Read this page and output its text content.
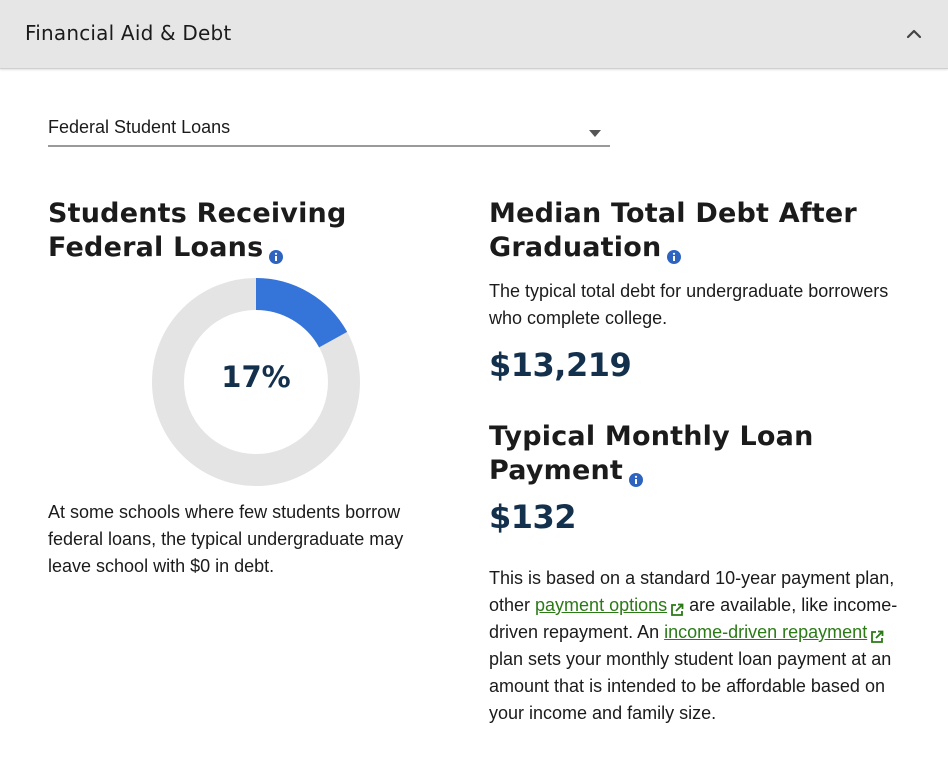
Financial Aid & Debt
Federal Student Loans
Students Receiving Federal Loans
17%
At some schools where few students borrow federal loans, the typical undergraduate may leave school with $0 in debt.
Median Total Debt After Graduation
The typical total debt for undergraduate borrowers who complete college.
$13,219
Typical Monthly Loan Payment
$132
This is based on a standard 10-year payment plan, other payment options are available, like income-driven repayment. An income-driven repayment plan sets your monthly student loan payment at an amount that is intended to be affordable based on your income and family size.
